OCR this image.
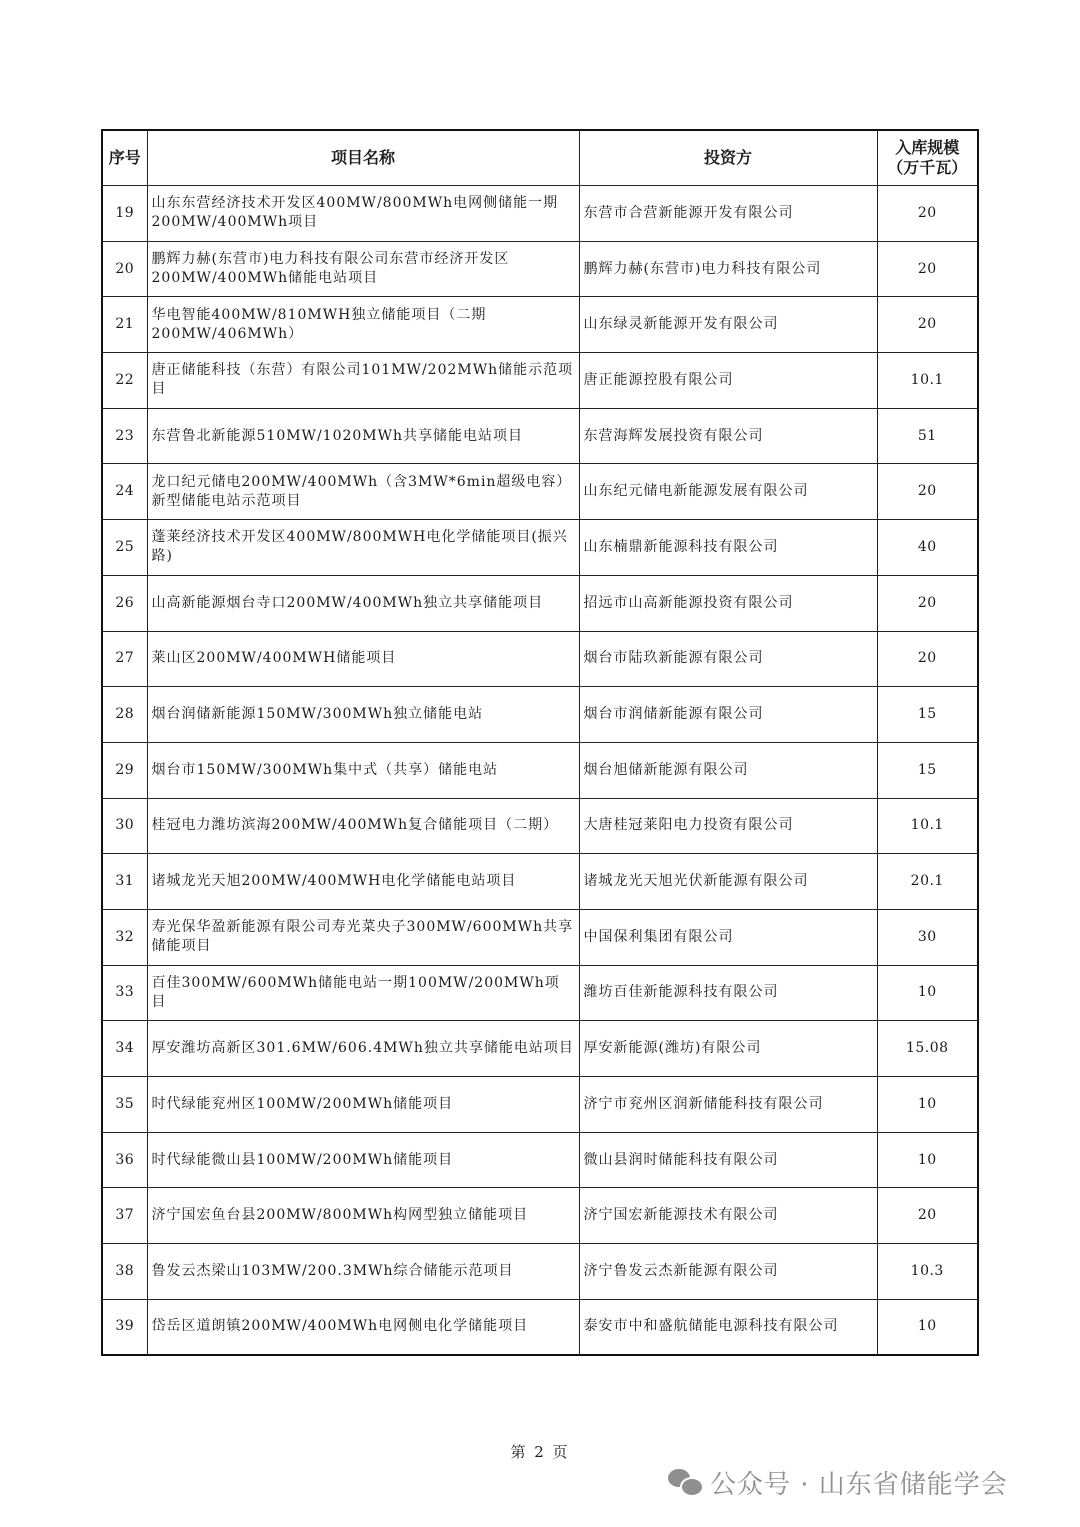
序号	项目名称	投资方	入库规模
（万千瓦）

19	山东东营经济技术开发区400MW/800MWh电网侧储能一期200MW/400MWh项目	东营市合营新能源开发有限公司	20
20	鹏辉力赫(东营市)电力科技有限公司东营市经济开发区200MW/400MWh储能电站项目	鹏辉力赫(东营市)电力科技有限公司	20
21	华电智能400MW/810MWH独立储能项目（二期200MW/406MWh）	山东绿灵新能源开发有限公司	20
22	唐正储能科技（东营）有限公司101MW/202MWh储能示范项目	唐正能源控股有限公司	10.1
23	东营鲁北新能源510MW/1020MWh共享储能电站项目	东营海辉发展投资有限公司	51
24	龙口纪元储电200MW/400MWh（含3MW*6min超级电容）新型储能电站示范项目	山东纪元储电新能源发展有限公司	20
25	蓬莱经济技术开发区400MW/800MWH电化学储能项目(振兴路)	山东楠鼎新能源科技有限公司	40
26	山高新能源烟台寺口200MW/400MWh独立共享储能项目	招远市山高新能源投资有限公司	20
27	莱山区200MW/400MWH储能项目	烟台市陆玖新能源有限公司	20
28	烟台润储新能源150MW/300MWh独立储能电站	烟台市润储新能源有限公司	15
29	烟台市150MW/300MWh集中式（共享）储能电站	烟台旭储新能源有限公司	15
30	桂冠电力潍坊滨海200MW/400MWh复合储能项目（二期）	大唐桂冠莱阳电力投资有限公司	10.1
31	诸城龙光天旭200MW/400MWH电化学储能电站项目	诸城龙光天旭光伏新能源有限公司	20.1
32	寿光保华盈新能源有限公司寿光菜央子300MW/600MWh共享储能项目	中国保利集团有限公司	30
33	百佳300MW/600MWh储能电站一期100MW/200MWh项目	潍坊百佳新能源科技有限公司	10
34	厚安潍坊高新区301.6MW/606.4MWh独立共享储能电站项目	厚安新能源(潍坊)有限公司	15.08
35	时代绿能兖州区100MW/200MWh储能项目	济宁市兖州区润新储能科技有限公司	10
36	时代绿能微山县100MW/200MWh储能项目	微山县润时储能科技有限公司	10
37	济宁国宏鱼台县200MW/800MWh构网型独立储能项目	济宁国宏新能源技术有限公司	20
38	鲁发云杰梁山103MW/200.3MWh综合储能示范项目	济宁鲁发云杰新能源有限公司	10.3
39	岱岳区道朗镇200MW/400MWh电网侧电化学储能项目	泰安市中和盛航储能电源科技有限公司	10
第 2 页
公众号 · 山东省储能学会
